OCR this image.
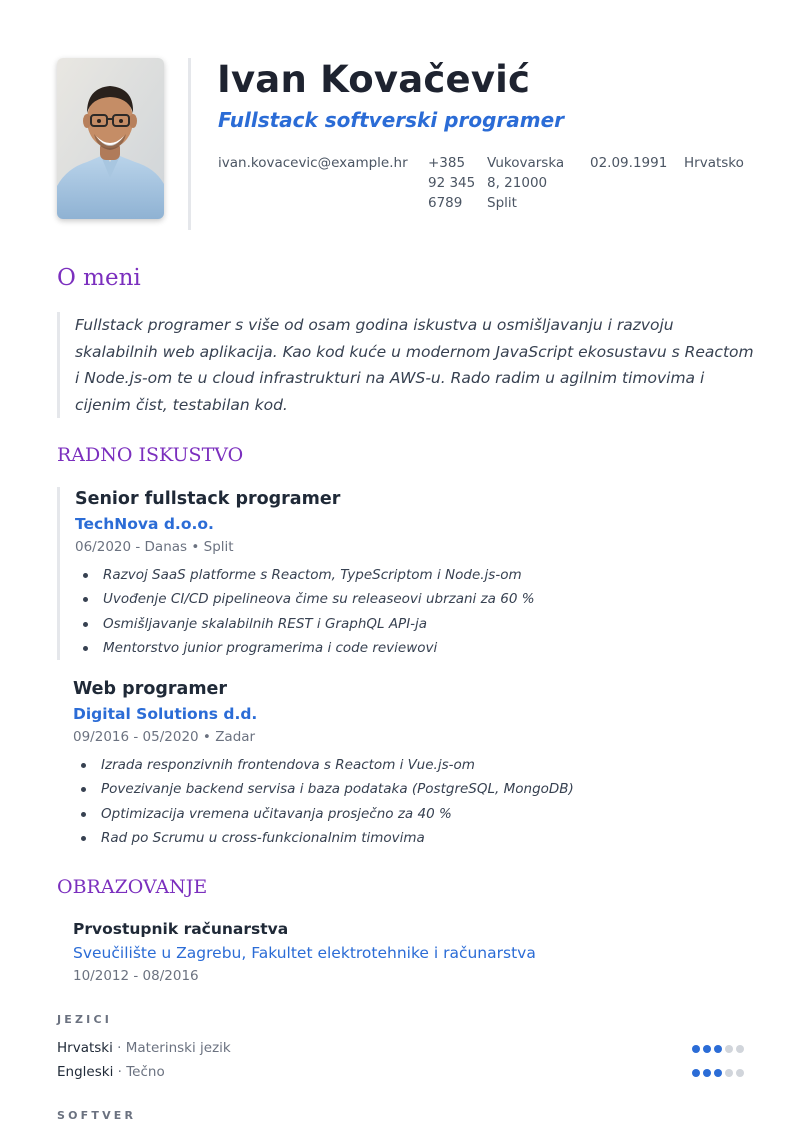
Ivan Kovačević
Fullstack softverski programer
ivan.kovacevic@example.hr +385 92 345 6789
Vukovarska 8, 21000 Split
02.09.1991 Hrvatsko
O meni

Fullstack programer s više od osam godina iskustva u osmišljavanju i razvoju skalabilnih web aplikacija. Kao kod kuće u modernom JavaScript ekosustavu s Reactom i Node.js-om te u cloud infrastrukturi na AWS-u. Rado radim u agilnim timovima i cijenim čist, testabilan kod.

RADNO ISKUSTVO

Senior fullstack programer

TechNova d.o.o.

06/2020 - Danas • Split

Razvoj SaaS platforme s Reactom, TypeScriptom i Node.js-om
Uvođenje CI/CD pipelineova čime su releaseovi ubrzani za 60 %
Osmišljavanje skalabilnih REST i GraphQL API-ja
Mentorstvo junior programerima i code reviewovi

Web programer

Digital Solutions d.d.

09/2016 - 05/2020 • Zadar

Izrada responzivnih frontendova s Reactom i Vue.js-om
Povezivanje backend servisa i baza podataka (PostgreSQL, MongoDB)
Optimizacija vremena učitavanja prosječno za 40 %
Rad po Scrumu u cross-funkcionalnim timovima
OBRAZOVANJE

Prvostupnik računarstva

Sveučilište u Zagrebu, Fakultet elektrotehnike i računarstva

10/2012 - 08/2016

JEZICI
Hrvatski · Materinski jezik
Engleski · Tečno
SOFTVER
